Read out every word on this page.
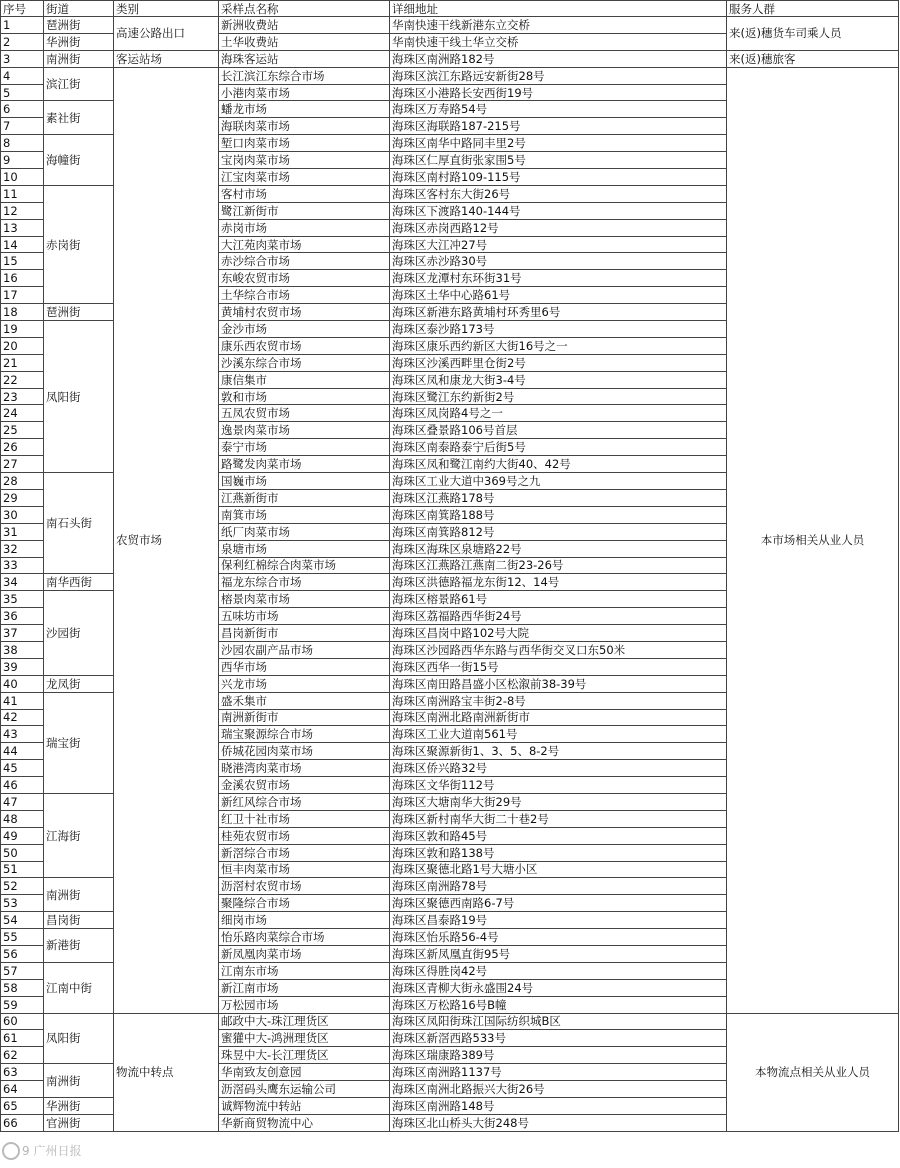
序号	街道	类别	采样点名称	详细地址	服务人群
1	琶洲街	高速公路出口	新洲收费站	华南快速干线新港东立交桥	来(返)穗货车司乘人员
2	华洲街		土华收费站	华南快速干线土华立交桥	
3	南洲街	客运站场	海珠客运站	海珠区南洲路182号	来(返)穗旅客
4	滨江街	农贸市场	长江滨江东综合市场	海珠区滨江东路远安新街28号	本市场相关从业人员
5			小港肉菜市场	海珠区小港路长安西街19号	
6	素社街		蟠龙市场	海珠区万寿路54号	
7			海联肉菜市场	海珠区海联路187-215号	
8	海幢街		堑口肉菜市场	海珠区南华中路同丰里2号	
9			宝岗肉菜市场	海珠区仁厚直街张家围5号	
10			江宝肉菜市场	海珠区南村路109-115号	
11	赤岗街		客村市场	海珠区客村东大街26号	
12			鹭江新街市	海珠区下渡路140-144号	
13			赤岗市场	海珠区赤岗西路12号	
14			大江苑肉菜市场	海珠区大江冲27号	
15			赤沙综合市场	海珠区赤沙路30号	
16			东峻农贸市场	海珠区龙潭村东环街31号	
17			土华综合市场	海珠区土华中心路61号	
18	琶洲街		黄埔村农贸市场	海珠区新港东路黄埔村环秀里6号	
19	凤阳街		金沙市场	海珠区泰沙路173号	
20			康乐西农贸市场	海珠区康乐西约新区大街16号之一	
21			沙溪东综合市场	海珠区沙溪西畔里仓街2号	
22			康信集市	海珠区凤和康龙大街3-4号	
23			敦和市场	海珠区鹭江东约新街2号	
24			五凤农贸市场	海珠区凤岗路4号之一	
25			逸景肉菜市场	海珠区叠景路106号首层	
26			泰宁市场	海珠区南泰路泰宁后街5号	
27			路鹭发肉菜市场	海珠区凤和鹭江南约大街40、42号	
28	南石头街		国巍市场	海珠区工业大道中369号之九	
29			江燕新街市	海珠区江燕路178号	
30			南箕市场	海珠区南箕路188号	
31			纸厂肉菜市场	海珠区南箕路812号	
32			泉塘市场	海珠区海珠区泉塘路22号	
33			保利红棉综合肉菜市场	海珠区江燕路江燕南二街23-26号	
34	南华西街		福龙东综合市场	海珠区洪德路福龙东街12、14号	
35	沙园街		榕景肉菜市场	海珠区榕景路61号	
36			五味坊市场	海珠区荔福路西华街24号	
37			昌岗新街市	海珠区昌岗中路102号大院	
38			沙园农副产品市场	海珠区沙园路西华东路与西华街交叉口东50米	
39			西华市场	海珠区西华一街15号	
40	龙凤街		兴龙市场	海珠区南田路昌盛小区松溆前38-39号	
41	瑞宝街		盛禾集市	海珠区南洲路宝丰街2-8号	
42			南洲新街市	海珠区南洲北路南洲新街市	
43			瑞宝聚源综合市场	海珠区工业大道南561号	
44			侨城花园肉菜市场	海珠区聚源新街1、3、5、8-2号	
45			晓港湾肉菜市场	海珠区侨兴路32号	
46			金溪农贸市场	海珠区文华街112号	
47	江海街		新红风综合市场	海珠区大塘南华大街29号	
48			红卫十社市场	海珠区新村南华大街二十巷2号	
49			桂苑农贸市场	海珠区敦和路45号	
50			新滘综合市场	海珠区敦和路138号	
51			恒丰肉菜市场	海珠区聚德北路1号大塘小区	
52	南洲街		沥滘村农贸市场	海珠区南洲路78号	
53			聚隆综合市场	海珠区聚德西南路6-7号	
54	昌岗街		细岗市场	海珠区昌泰路19号	
55	新港街		怡乐路肉菜综合市场	海珠区怡乐路56-4号	
56			新凤凰肉菜市场	海珠区新凤凰直街95号	
57	江南中街		江南东市场	海珠区得胜岗42号	
58			新江南市场	海珠区青柳大街永盛围24号	
59			万松园市场	海珠区万松路16号B幢	
60	凤阳街	物流中转点	邮政中大-珠江理货区	海珠区凤阳街珠江国际纺织城B区	本物流点相关从业人员
61			蜜獾中大-鸿洲理货区	海珠区新滘西路533号	
62			珠昱中大-长江理货区	海珠区瑞康路389号	
63	南洲街		华南致友创意园	海珠区南洲路1137号	
64			沥滘码头鹰东运输公司	海珠区南洲北路振兴大街26号	
65	华洲街		诚辉物流中转站	海珠区南洲路148号	
66	官洲街		华新商贸物流中心	海珠区北山桥头大街248号	
9 广州日报
